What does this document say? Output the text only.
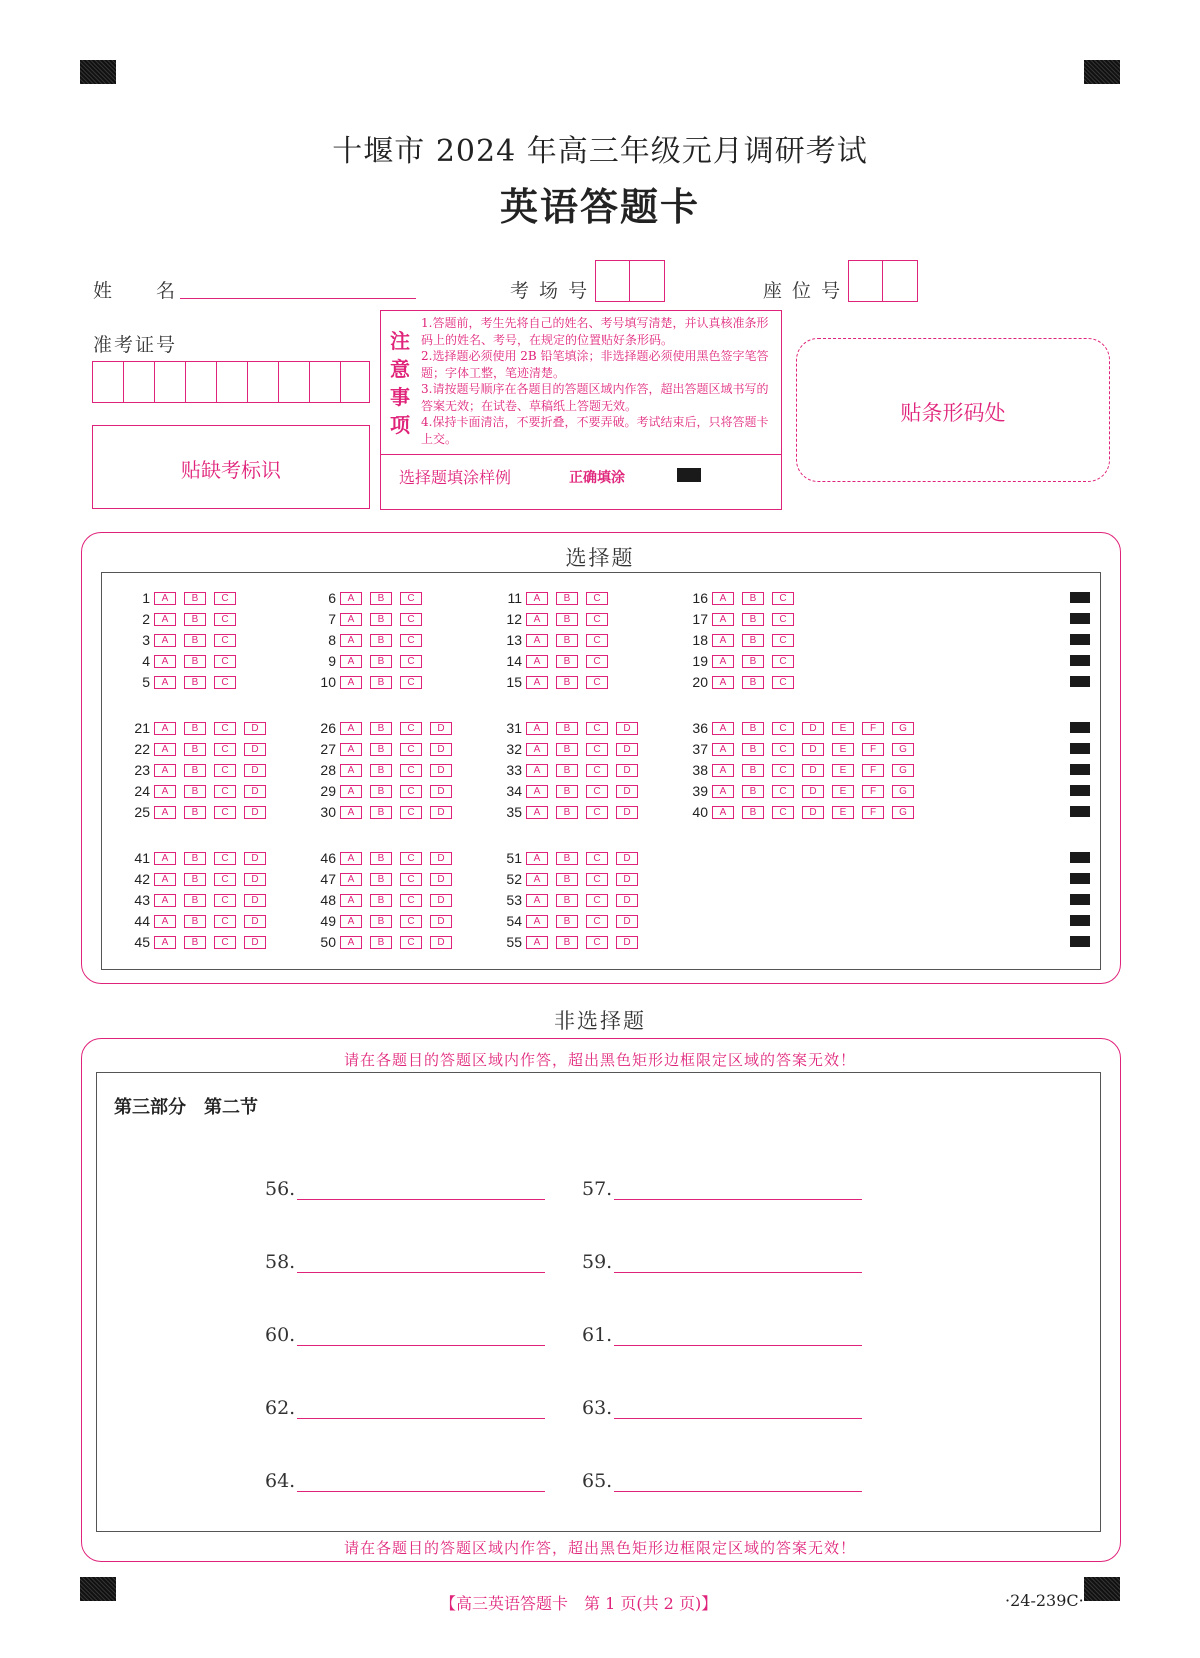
十堰市 2024 年高三年级元月调研考试
英语答题卡
姓　　名	考 场 号	座 位 号
准考证号
贴缺考标识
注意事项

1.答题前，考生先将自己的姓名、考号填写清楚，并认真核准条形码上的姓名、考号，在规定的位置贴好条形码。

2.选择题必须使用 2B 铅笔填涂；非选择题必须使用黑色签字笔答题；字体工整，笔迹清楚。

3.请按题号顺序在各题目的答题区域内作答，超出答题区域书写的答案无效；在试卷、草稿纸上答题无效。

4.保持卡面清洁，不要折叠，不要弄破。考试结束后，只将答题卡上交。

选择题填涂样例	正确填涂
贴条形码处
选择题
1	A	B	C
2	A	B	C
3	A	B	C
4	A	B	C
5	A	B	C
6	A	B	C
7	A	B	C
8	A	B	C
9	A	B	C
10	A	B	C
11	A	B	C
12	A	B	C
13	A	B	C
14	A	B	C
15	A	B	C
16	A	B	C
17	A	B	C
18	A	B	C
19	A	B	C
20	A	B	C
21	A	B	C	D
22	A	B	C	D
23	A	B	C	D
24	A	B	C	D
25	A	B	C	D
26	A	B	C	D
27	A	B	C	D
28	A	B	C	D
29	A	B	C	D
30	A	B	C	D
31	A	B	C	D
32	A	B	C	D
33	A	B	C	D
34	A	B	C	D
35	A	B	C	D
36	A	B	C	D	E	F	G
37	A	B	C	D	E	F	G
38	A	B	C	D	E	F	G
39	A	B	C	D	E	F	G
40	A	B	C	D	E	F	G
41	A	B	C	D
42	A	B	C	D
43	A	B	C	D
44	A	B	C	D
45	A	B	C	D
46	A	B	C	D
47	A	B	C	D
48	A	B	C	D
49	A	B	C	D
50	A	B	C	D
51	A	B	C	D
52	A	B	C	D
53	A	B	C	D
54	A	B	C	D
55	A	B	C	D
非选择题
请在各题目的答题区域内作答，超出黑色矩形边框限定区域的答案无效！
第三部分　第二节
请在各题目的答题区域内作答，超出黑色矩形边框限定区域的答案无效！
56.	57.
58.	59.
60.	61.
62.	63.
64.	65.
【高三英语答题卡　第 1 页(共 2 页)】	·24-239C·
